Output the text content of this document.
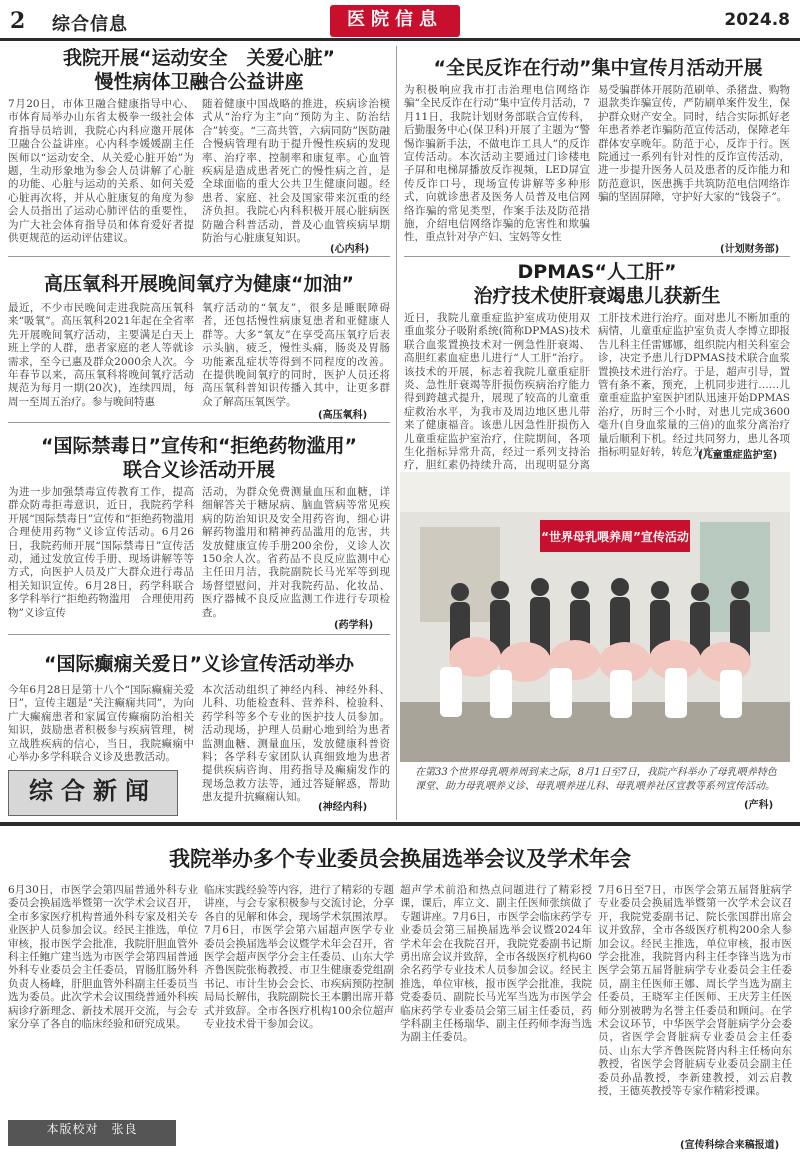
2 综合信息	医院信息	2024.8
我院开展“运动安全　关爱心脏”
慢性病体卫融合公益讲座
7月20日，市体卫融合健康指导中心、市体育局举办山东省太极拳一级社会体育指导员培训，我院心内科应邀开展体卫融合公益讲座。心内科李媛媛副主任医师以“运动安全、从关爱心脏开始”为题，生动形象地为参会人员讲解了心脏的功能、心脏与运动的关系、如何关爱心脏再次将，并从心脏康复的角度为参会人员指出了运动心肺评估的重要性，为广大社会体育指导员和体育爱好者提供更规范的运动评估建议。
随着健康中国战略的推进，疾病诊治模式从“治疗为主”向“预防为主、防治结合”转变。“三高共管，六病同防”医防融合慢病管理有助于提升慢性疾病的发现率、治疗率、控制率和康复率。心血管疾病是造成患者死亡的慢性病之首，是全球面临的重大公共卫生健康问题。经患者、家庭、社会及国家带来沉重的经济负担。我院心内科积极开展心脏病医防融合科普活动，普及心血管疾病早期防治与心脏康复知识。
(心内科)
高压氧科开展晚间氧疗为健康“加油”
最近，不少市民晚间走进我院高压氧科来“吸氧”。高压氧科2021年起在全省率先开展晚间氧疗活动，主要满足白天上班上学的人群，患者家庭的老人等就诊需求，至今已惠及群众2000余人次。今年春节以来，高压氧科将晚间氧疗活动规范为每月一期(20次)，连续四周，每周一至周五治疗。参与晚间特惠
氧疗活动的“氧友”，很多是睡眠障碍者，还包括慢性病康复患者和亚健康人群等。大多“氧友”在享受高压氧疗后表示头脑，疲乏，慢性头痛，肠炎及胃肠功能紊乱症状等得到不同程度的改善。在提供晚间氧疗的同时，医护人员还将高压氧科普知识传播入其中，让更多群众了解高压氧医学。
(高压氧科)
“国际禁毒日”宣传和“拒绝药物滥用”
联合义诊活动开展
为进一步加强禁毒宣传教育工作，提高群众防毒拒毒意识，近日，我院药学科开展“国际禁毒日”宣传和“拒绝药物滥用　合理使用药物”义诊宣传活动。6月26日，我院药师开展“国际禁毒日”宣传活动，通过发放宣传手册、现场讲解等等方式，向医护人员及广大群众进行毒品相关知识宣传。6月28日，药学科联合多学科举行“拒绝药物滥用　合理使用药物”义诊宣传
活动，为群众免费测量血压和血糖，详细解答关于糖尿病、脑血管病等常见疾病的防治知识及安全用药咨询，细心讲解药物滥用和精神药品滥用的危害，共发放健康宣传手册200余份，义诊人次150余人次。省药品不良反应监测中心主任田月洁，我院副院长马光军等到现场督望慰问，并对我院药品、化妆品、医疗器械不良反应监测工作进行专项检查。
(药学科)
“国际癫痫关爱日”义诊宣传活动举办
今年6月28日是第十八个“国际癫痫关爱日”，宣传主题是“关注癫痫共同”，为向广大癫痫患者和家属宣传癫痫防治相关知识，鼓励患者积极参与疾病管理，树立战胜疾病的信心，当日，我院癫痫中心举办多学科联合义诊及患教活动。
本次活动组织了神经内科、神经外科、儿科、功能检查科、营养科、检验科、药学科等多个专业的医护技人员参加。活动现场，护理人员耐心地到给为患者监测血糖、测量血压，发放健康科普资料；各学科专家团队认真细致地为患者提供疾病咨询、用药指导及癫痫发作的现场急救方法等，通过答疑解惑，帮助患友提升抗癫痫认知。
(神经内科)
综合新闻
“全民反诈在行动”集中宣传月活动开展
为积极响应我市打击治理电信网络诈骗“全民反诈在行动”集中宣传月活动，7月11日，我院计划财务部联合宣传科，后勤服务中心(保卫科)开展了主题为“警惕诈骗新手法，不做电诈工具人”的反诈宣传活动。本次活动主要通过门诊楼电子屏和电梯屏播放反诈视频，LED屏宣传反诈口号，现场宣传讲解等多种形式，向就诊患者及医务人员普及电信网络诈骗的常见类型，作案手法及防范措施，介绍电信网络诈骗的危害性和欺骗性，重点针对孕产妇、宝妈等女性
易受骗群体开展防范刷单、杀猪盘、购物退款类诈骗宣传，严防刷单案件发生，保护群众财产安全。同时，结合实际抓好老年患者养老诈骗防范宣传活动，保障老年群体安享晚年。防范于心，反诈于行。医院通过一系列有针对性的反诈宣传活动，进一步提升医务人员及患者的反诈能力和防范意识，医患携手共筑防范电信网络诈骗的坚固屏障，守护好大家的“钱袋子”。
(计划财务部)
DPMAS“人工肝”
治疗技术使肝衰竭患儿获新生
近日，我院儿童重症监护室成功使用双重血浆分子吸附系统(简称DPMAS)技术联合血浆置换技术对一例急性肝衰竭、高胆红素血症患儿进行“人工肝”治疗。该技术的开展，标志着我院儿童重症肝炎、急性肝衰竭等肝损伤疾病治疗能力得到跨越式提升，展现了较高的儿童重症救治水平，为我市及周边地区患儿带来了健康福音。该患儿因急性肝损伤入儿童重症监护室治疗，住院期间，各项生化指标异常升高，经过一系列支持治疗，胆红素仍持续升高，出现明显分离
工肝技术进行治疗。面对患儿不断加重的病情，儿童重症监护室负责人李博立即报告儿科主任雷娜娜，组织院内相关科室会诊，决定予患儿行DPMAS技术联合血浆置换技术进行治疗。于是，超声引导，置管有条不紊，预充，上机同步进行……儿童重症监护室医护团队迅速开始DPMAS治疗，历时三个小时，对患儿完成3600毫升(自身血浆量的三倍)的血浆分离治疗量后顺利下机。经过共同努力，患儿各项指标明显好转，转危为安。
(儿童重症监护室)
“世界母乳喂养周”宣传活动
在第33个世界母乳喂养周到来之际，8月1日至7日，我院产科举办了母乳喂养特色课堂、助力母乳喂养义诊、母乳喂养进儿科、母乳喂养社区宣教等系列宣传活动。
(产科)
我院举办多个专业委员会换届选举会议及学术年会
6月30日，市医学会第四届普通外科专业委员会换届选举暨第一次学术会议召开，全市多家医疗机构普通外科专家及相关专业医护人员参加会议。经民主推选，单位审核，报市医学会批准，我院肝胆血管外科主任鲍广建当选为市医学会第四届普通外科专业委员会主任委员，胃肠肛肠外科负责人杨峰，肝胆血管外科副主任委员当选为委员。此次学术会议围绕普通外科疾病诊疗新理念、新技术展开交流，与会专家分享了各自的临床经验和研究成果。
临床实践经验等内容，进行了精彩的专题讲座，与会专家积极参与交流讨论，分享各自的见解和体会，现场学术氛围浓厚。7月6日，市医学会第六届超声医学专业委员会换届选举会议暨学术年会召开，省医学会超声医学分会主任委员、山东大学齐鲁医院张梅教授、市卫生健康委党组副书记、市计生协会会长、市疾病预防控制局局长解伟，我院副院长王本鹏出席开幕式并致辞。全市各医疗机构100余位超声专业技术骨干参加会议。
超声学术前沿和热点问题进行了精彩授课，课后，库立文、副主任医师张缤做了专题讲座。7月6日，市医学会临床药学专业委员会第三届换届选举会议暨2024年学术年会在我院召开，我院党委副书记斯勇出席会议并致辞，全市各级医疗机构60余名药学专业技术人员参加会议。经民主推选，单位审核，报市医学会批准，我院党委委员、副院长马光军当选为市医学会临床药学专业委员会第三届主任委员，药学科副主任杨瑞华、副主任药师李海当选为副主任委员。
7月6日至7日，市医学会第五届肾脏病学专业委员会换届选举暨第一次学术会议召开，我院党委副书记、院长张国群出席会议并致辞，全市各级医疗机构200余人参加会议。经民主推选，单位审核，报市医学会批准，我院肾内科主任李锋当选为市医学会第五届肾脏病学专业委员会主任委员，副主任医师王娜、周长学当选为副主任委员，王晓军主任医师、王庆芳主任医师分别被聘为名誉主任委员和顾问。在学术会议环节，中华医学会肾脏病学分会委员，省医学会肾脏病专业委员会主任委员、山东大学齐鲁医院肾内科主任杨向东教授，省医学会肾脏病专业委员会副主任委员孙晶教授，李新建教授，刘云启教授，王德英教授等专家作精彩授课。
(宣传科综合来稿报道)
本版校对　张良
